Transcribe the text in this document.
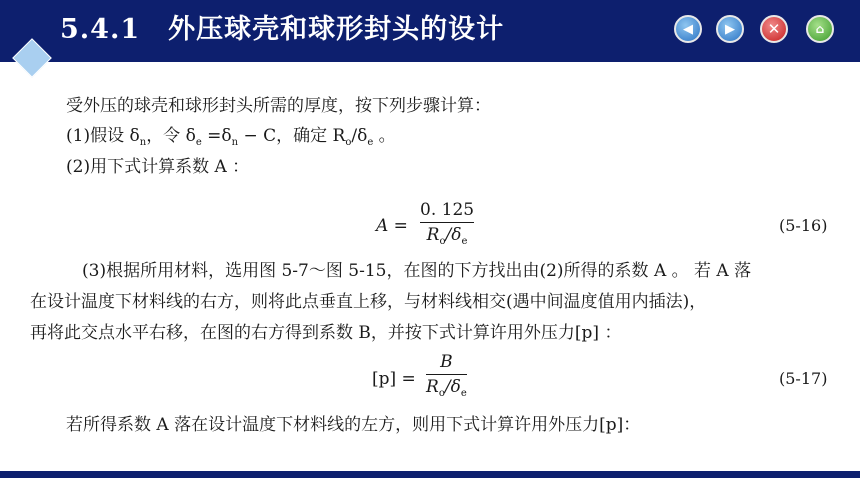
5.4.1 外压球壳和球形封头的设计	◀	▶	✕	⌂
受外压的球壳和球形封头所需的厚度，按下列步骤计算：
(1)假设 $\delta_n$，令 $\delta_e =\delta_n - C$，确定 $R_o/\delta_e$ 。
(2)用下式计算系数 A ：
A =
0. 125
$R_o/\delta_e$
(5-16)
(3)根据所用材料，选用图 5-7～图 5-15，在图的下方找出由(2)所得的系数 A 。 若 A 落
在设计温度下材料线的右方，则将此点垂直上移，与材料线相交(遇中间温度值用内插法)，
再将此交点水平右移，在图的右方得到系数 B，并按下式计算许用外压力[p] ：
[p] =
B
$R_o/\delta_e$
(5-17)
若所得系数 A 落在设计温度下材料线的左方，则用下式计算许用外压力[p]：
